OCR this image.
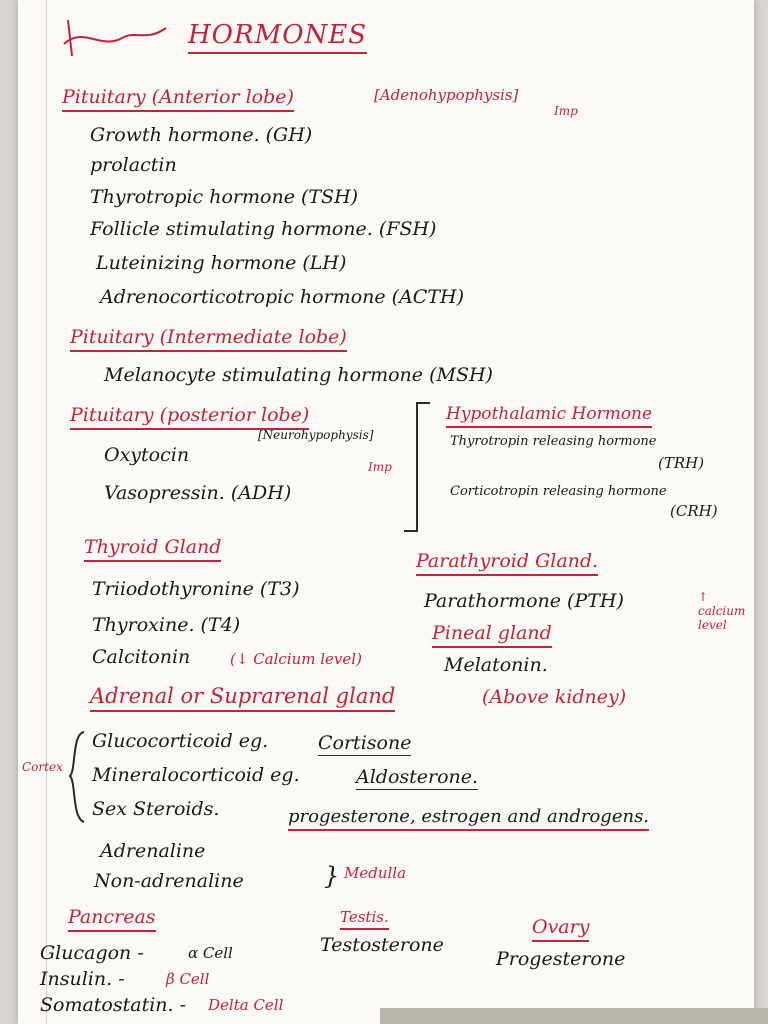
HORMONES
Pituitary (Anterior lobe)	[Adenohypophysis]
Imp
Growth hormone. (GH)
prolactin
Thyrotropic hormone (TSH)
Follicle stimulating hormone. (FSH)
Luteinizing hormone (LH)
Adrenocorticotropic hormone (ACTH)
Pituitary (Intermediate lobe)
Melanocyte stimulating hormone (MSH)
Pituitary (posterior lobe)
[Neurohypophysis]
Imp
Oxytocin
Vasopressin. (ADH)
Hypothalamic Hormone
Thyrotropin releasing hormone
(TRH)
Corticotropin releasing hormone
(CRH)
Thyroid Gland
Triiodothyronine (T3)
Thyroxine. (T4)
Calcitonin	(↓ Calcium level)
Parathyroid Gland.
Parathormone (PTH)	↑ calcium level
Pineal gland
Melatonin.
Adrenal or Suprarenal gland	(Above kidney)
Cortex
Glucocorticoid eg.	Cortisone
Mineralocorticoid eg.	Aldosterone.
Sex Steroids.	progesterone, estrogen and androgens.
Adrenaline
Non-adrenaline	} Medulla
Pancreas
Glucagon -	α Cell
Insulin. -	β Cell
Somatostatin. - Delta Cell
Testis.
Testosterone
Ovary
Progesterone
